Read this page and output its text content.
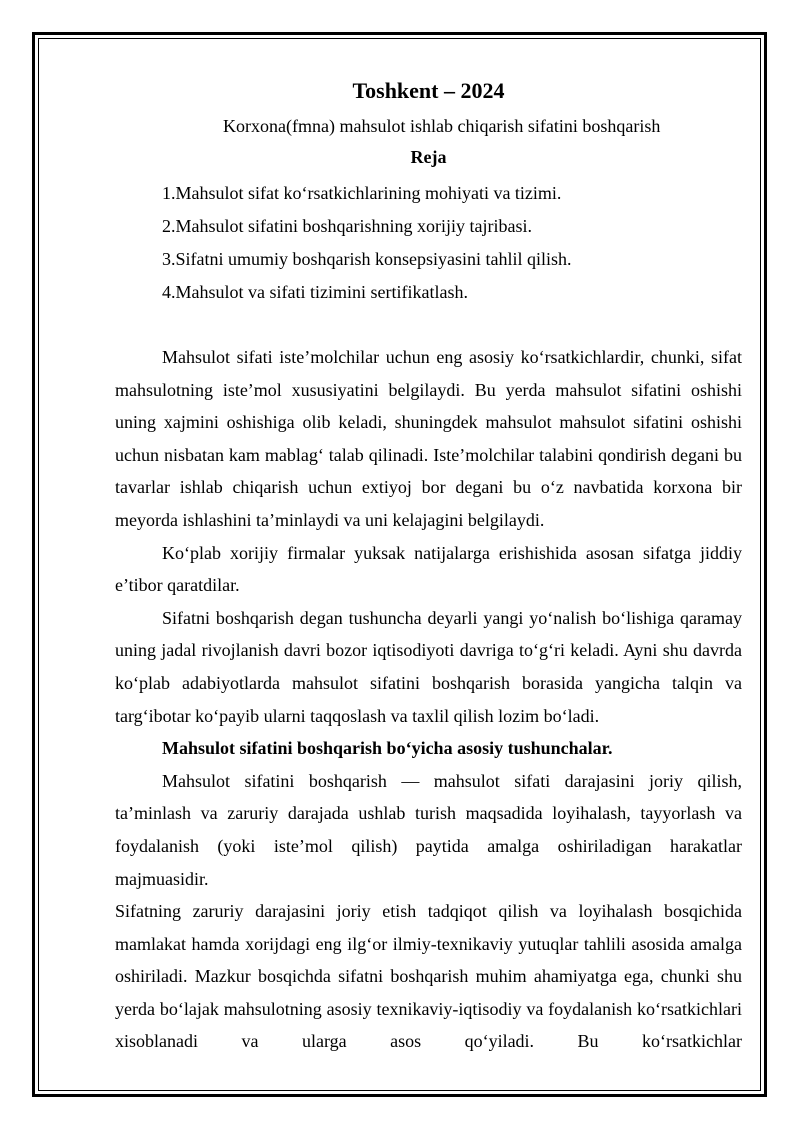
Toshkent – 2024

Korxona(fmna) mahsulot ishlab chiqarish sifatini boshqarish

Reja

1.Mahsulot sifat ko‘rsatkichlarining mohiyati va tizimi.
2.Mahsulot sifatini boshqarishning xorijiy tajribasi.
3.Sifatni umumiy boshqarish konsepsiyasini tahlil qilish.
4.Mahsulot va sifati tizimini sertifikatlash.

Mahsulot sifati iste’molchilar uchun eng asosiy ko‘rsatkichlardir, chunki, sifat mahsulotning iste’mol xususiyatini belgilaydi. Bu yerda mahsulot sifatini oshishi uning xajmini oshishiga olib keladi, shuningdek mahsulot mahsulot sifatini oshishi uchun nisbatan kam mablag‘ talab qilinadi. Iste’molchilar talabini qondirish degani bu tavarlar ishlab chiqarish uchun extiyoj bor degani bu o‘z navbatida korxona bir meyorda ishlashini ta’minlaydi va uni kelajagini belgilaydi.

Ko‘plab xorijiy firmalar yuksak natijalarga erishishida asosan sifatga jiddiy e’tibor qaratdilar.

Sifatni boshqarish degan tushuncha deyarli yangi yo‘nalish bo‘lishiga qaramay uning jadal rivojlanish davri bozor iqtisodiyoti davriga to‘g‘ri keladi. Ayni shu davrda ko‘plab adabiyotlarda mahsulot sifatini boshqarish borasida yangicha talqin va targ‘ibotar ko‘payib ularni taqqoslash va taxlil qilish lozim bo‘ladi.

Mahsulot sifatini boshqarish bo‘yicha asosiy tushunchalar.

Mahsulot sifatini boshqarish — mahsulot sifati darajasini joriy qilish, ta’minlash va zaruriy darajada ushlab turish maqsadida loyihalash, tayyorlash va foydalanish (yoki iste’mol qilish) paytida amalga oshiriladigan harakatlar majmuasidir.

Sifatning zaruriy darajasini joriy etish tadqiqot qilish va loyihalash bosqichida mamlakat hamda xorijdagi eng ilg‘or ilmiy-texnikaviy yutuqlar tahlili asosida amalga oshiriladi. Mazkur bosqichda sifatni boshqarish muhim ahamiyatga ega, chunki shu yerda bo‘lajak mahsulotning asosiy texnikaviy-iqtisodiy va foydalanish ko‘rsatkichlari xisoblanadi va ularga asos qo‘yiladi. Bu ko‘rsatkichlar
